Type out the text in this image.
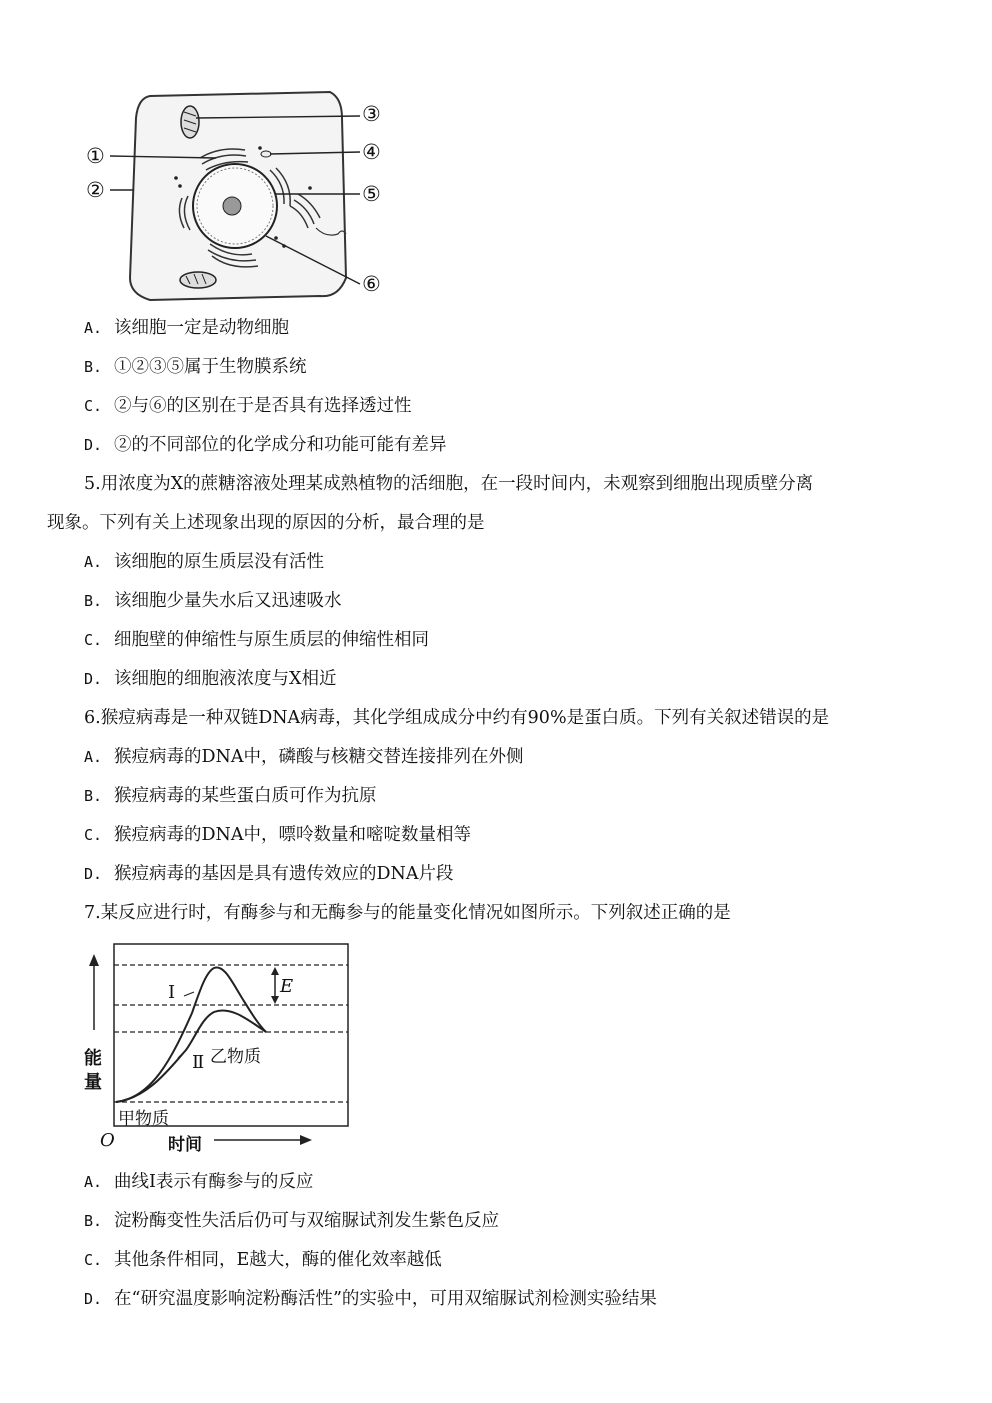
③
①	④
②	⑤
⑥
A. 该细胞一定是动物细胞
B. ①②③⑤属于生物膜系统
C. ②与⑥的区别在于是否具有选择透过性
D. ②的不同部位的化学成分和功能可能有差异
5.用浓度为X的蔗糖溶液处理某成熟植物的活细胞，在一段时间内，未观察到细胞出现质壁分离
现象。下列有关上述现象出现的原因的分析，最合理的是
A. 该细胞的原生质层没有活性
B. 该细胞少量失水后又迅速吸水
C. 细胞壁的伸缩性与原生质层的伸缩性相同
D. 该细胞的细胞液浓度与X相近
6.猴痘病毒是一种双链DNA病毒，其化学组成成分中约有90%是蛋白质。下列有关叙述错误的是
A. 猴痘病毒的DNA中，磷酸与核糖交替连接排列在外侧
B. 猴痘病毒的某些蛋白质可作为抗原
C. 猴痘病毒的DNA中，嘌呤数量和嘧啶数量相等
D. 猴痘病毒的基因是具有遗传效应的DNA片段
7.某反应进行时，有酶参与和无酶参与的能量变化情况如图所示。下列叙述正确的是
能
量
O	时间
Ⅰ
Ⅱ
E
乙物质
甲物质
A. 曲线I表示有酶参与的反应
B. 淀粉酶变性失活后仍可与双缩脲试剂发生紫色反应
C. 其他条件相同，E越大，酶的催化效率越低
D. 在“研究温度影响淀粉酶活性”的实验中，可用双缩脲试剂检测实验结果
